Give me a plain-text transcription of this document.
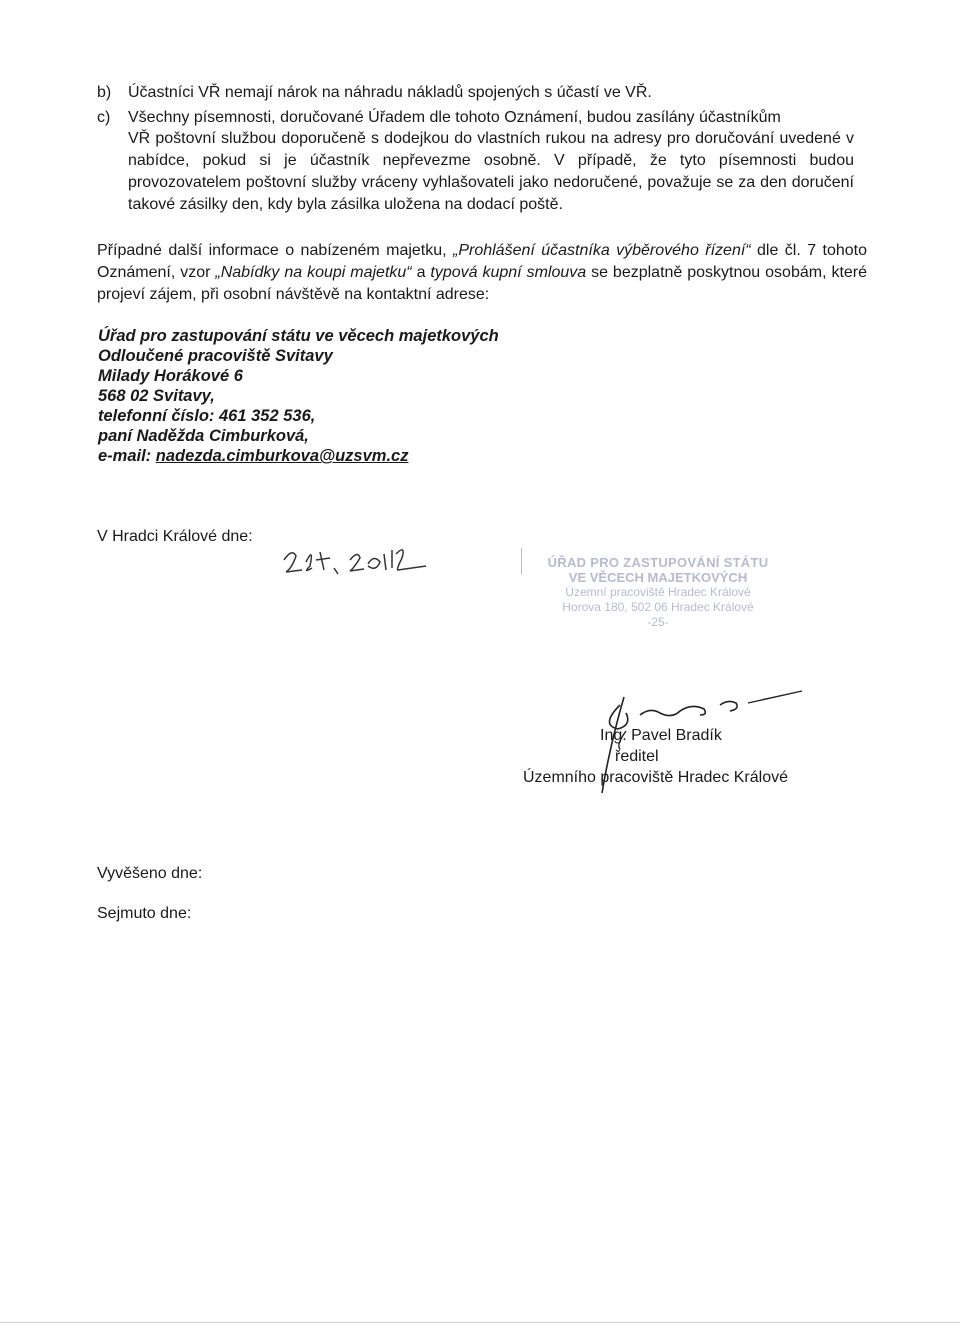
b) Účastníci VŘ nemají nárok na náhradu nákladů spojených s účastí ve VŘ.
c) Všechny písemnosti, doručované Úřadem dle tohoto Oznámení, budou zasílány účastníkům
VŘ poštovní službou doporučeně s dodejkou do vlastních rukou na adresy pro doručování uvedené v nabídce, pokud si je účastník nepřevezme osobně. V případě, že tyto písemnosti budou provozovatelem poštovní služby vráceny vyhlašovateli jako nedoručené, považuje se za den doručení takové zásilky den, kdy byla zásilka uložena na dodací poště.
Případné další informace o nabízeném majetku, „Prohlášení účastníka výběrového řízení“ dle čl. 7 tohoto Oznámení, vzor „Nabídky na koupi majetku“ a typová kupní smlouva se bezplatně poskytnou osobám, které projeví zájem, při osobní návštěvě na kontaktní adrese:
Úřad pro zastupování státu ve věcech majetkových
Odloučené pracoviště Svitavy
Milady Horákové 6
568 02 Svitavy,
telefonní číslo: 461 352 536,
paní Naděžda Cimburková,
e-mail: nadezda.cimburkova@uzsvm.cz
V Hradci Králové dne:
ÚŘAD PRO ZASTUPOVÁNÍ STÁTU
VE VĚCECH MAJETKOVÝCH
Územní pracoviště Hradec Králové
Horova 180, 502 06 Hradec Králové
-25-
Ing. Pavel Bradík
ředitel
Územního pracoviště Hradec Králové
Vyvěšeno dne:
Sejmuto dne:
